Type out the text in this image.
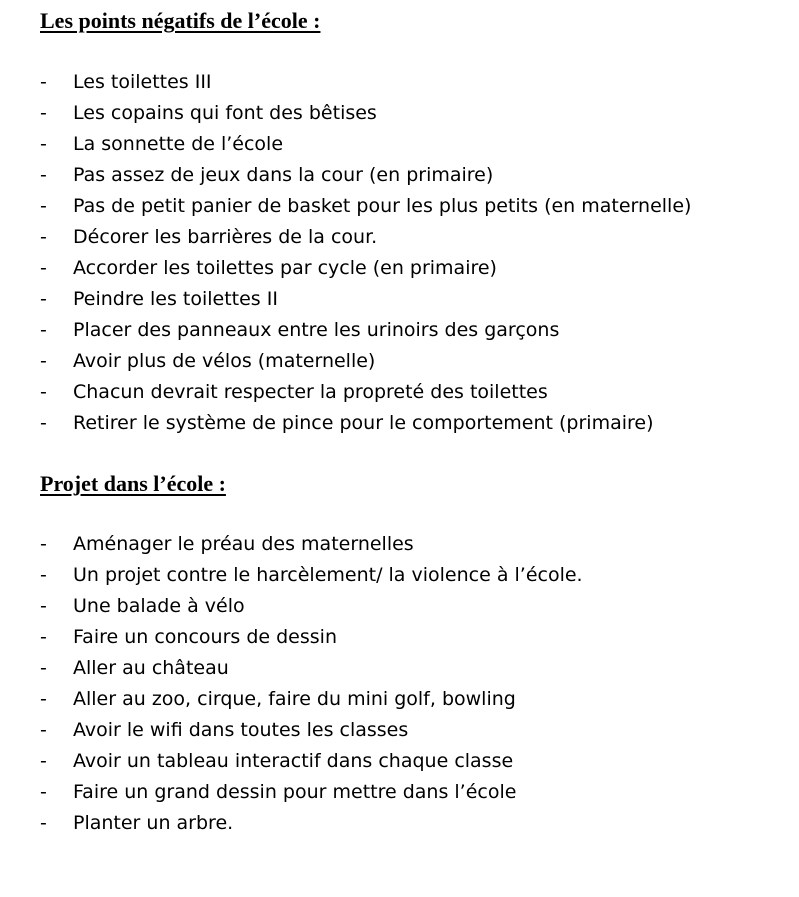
Les points négatifs de l’école :
- Les toilettes III
- Les copains qui font des bêtises
- La sonnette de l’école
- Pas assez de jeux dans la cour (en primaire)
- Pas de petit panier de basket pour les plus petits (en maternelle)
- Décorer les barrières de la cour.
- Accorder les toilettes par cycle (en primaire)
- Peindre les toilettes II
- Placer des panneaux entre les urinoirs des garçons
- Avoir plus de vélos (maternelle)
- Chacun devrait respecter la propreté des toilettes
- Retirer le système de pince pour le comportement (primaire)
Projet dans l’école :
- Aménager le préau des maternelles
- Un projet contre le harcèlement/ la violence à l’école.
- Une balade à vélo
- Faire un concours de dessin
- Aller au château
- Aller au zoo, cirque, faire du mini golf, bowling
- Avoir le wifi dans toutes les classes
- Avoir un tableau interactif dans chaque classe
- Faire un grand dessin pour mettre dans l’école
- Planter un arbre.
